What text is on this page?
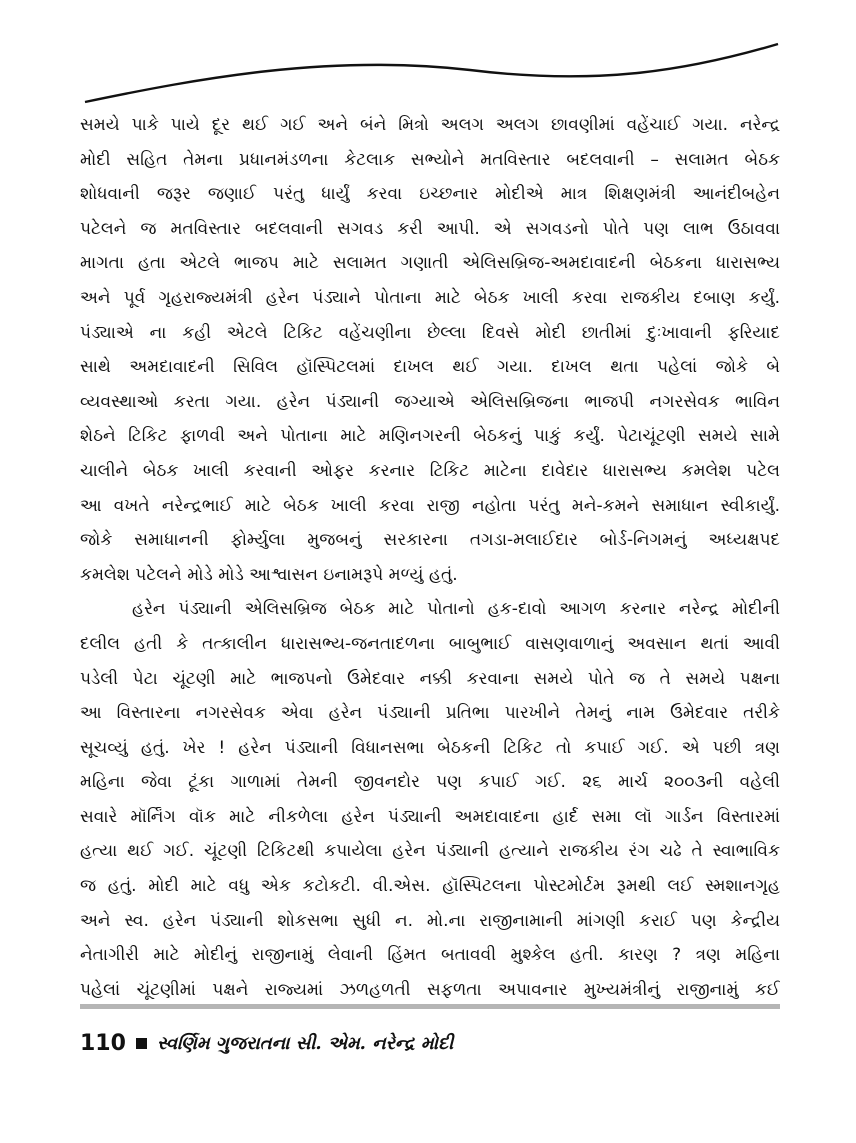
સમયે પાકે પાયે દૂર થઈ ગઈ અને બંને મિત્રો અલગ અલગ છાવણીમાં વહેંચાઈ ગયા. નરેન્દ્ર
મોદી સહિત તેમના પ્રધાનમંડળના કેટલાક સભ્યોને મતવિસ્તાર બદલવાની – સલામત બેઠક
શોધવાની જરૂર જણાઈ પરંતુ ધાર્યું કરવા ઇચ્છનાર મોદીએ માત્ર શિક્ષણમંત્રી આનંદીબહેન
પટેલને જ મતવિસ્તાર બદલવાની સગવડ કરી આપી. એ સગવડનો પોતે પણ લાભ ઉઠાવવા
માગતા હતા એટલે ભાજપ માટે સલામત ગણાતી એલિસબ્રિજ-અમદાવાદની બેઠકના ધારાસભ્ય
અને પૂર્વ ગૃહરાજ્યમંત્રી હરેન પંડ્યાને પોતાના માટે બેઠક ખાલી કરવા રાજકીય દબાણ કર્યું.
પંડ્યાએ ના કહી એટલે ટિકિટ વહેંચણીના છેલ્લા દિવસે મોદી છાતીમાં દુઃખાવાની ફરિયાદ
સાથે અમદાવાદની સિવિલ હૉસ્પિટલમાં દાખલ થઈ ગયા. દાખલ થતા પહેલાં જોકે બે
વ્યવસ્થાઓ કરતા ગયા. હરેન પંડ્યાની જગ્યાએ એલિસબ્રિજના ભાજપી નગરસેવક ભાવિન
શેઠને ટિકિટ ફાળવી અને પોતાના માટે મણિનગરની બેઠકનું પાકું કર્યું. પેટાચૂંટણી સમયે સામે
ચાલીને બેઠક ખાલી કરવાની ઓફર કરનાર ટિકિટ માટેના દાવેદાર ધારાસભ્ય કમલેશ પટેલ
આ વખતે નરેન્દ્રભાઈ માટે બેઠક ખાલી કરવા રાજી નહોતા પરંતુ મને-કમને સમાધાન સ્વીકાર્યું.
જોકે સમાધાનની ફોર્મ્યુલા મુજબનું સરકારના તગડા-મલાઈદાર બોર્ડ-નિગમનું અધ્યક્ષપદ
કમલેશ પટેલને મોડે મોડે આશ્વાસન ઇનામરૂપે મળ્યું હતું.
હરેન પંડ્યાની એલિસબ્રિજ બેઠક માટે પોતાનો હક-દાવો આગળ કરનાર નરેન્દ્ર મોદીની
દલીલ હતી કે તત્કાલીન ધારાસભ્ય-જનતાદળના બાબુભાઈ વાસણવાળાનું અવસાન થતાં આવી
પડેલી પેટા ચૂંટણી માટે ભાજપનો ઉમેદવાર નક્કી કરવાના સમયે પોતે જ તે સમયે પક્ષના
આ વિસ્તારના નગરસેવક એવા હરેન પંડ્યાની પ્રતિભા પારખીને તેમનું નામ ઉમેદવાર તરીકે
સૂચવ્યું હતું. ખેર ! હરેન પંડ્યાની વિધાનસભા બેઠકની ટિકિટ તો કપાઈ ગઈ. એ પછી ત્રણ
મહિના જેવા ટૂંકા ગાળામાં તેમની જીવનદોર પણ કપાઈ ગઈ. ૨૬ માર્ચ ૨૦૦૩ની વહેલી
સવારે મૉર્નિંગ વૉક માટે નીકળેલા હરેન પંડ્યાની અમદાવાદના હાર્દ સમા લૉ ગાર્ડન વિસ્તારમાં
હત્યા થઈ ગઈ. ચૂંટણી ટિકિટથી કપાયેલા હરેન પંડ્યાની હત્યાને રાજકીય રંગ ચઢે તે સ્વાભાવિક
જ હતું. મોદી માટે વધુ એક કટોકટી. વી.એસ. હૉસ્પિટલના પોસ્ટમોર્ટમ રૂમથી લઈ સ્મશાનગૃહ
અને સ્વ. હરેન પંડ્યાની શોકસભા સુધી ન. મો.ના રાજીનામાની માંગણી કરાઈ પણ કેન્દ્રીય
નેતાગીરી માટે મોદીનું રાજીનામું લેવાની હિંમત બતાવવી મુશ્કેલ હતી. કારણ ? ત્રણ મહિના
પહેલાં ચૂંટણીમાં પક્ષને રાજ્યમાં ઝળહળતી સફળતા અપાવનાર મુખ્યમંત્રીનું રાજીનામું કઈ
110 સ્વર્ણિમ ગુજરાતના સી. એમ. નરેન્દ્ર મોદી
